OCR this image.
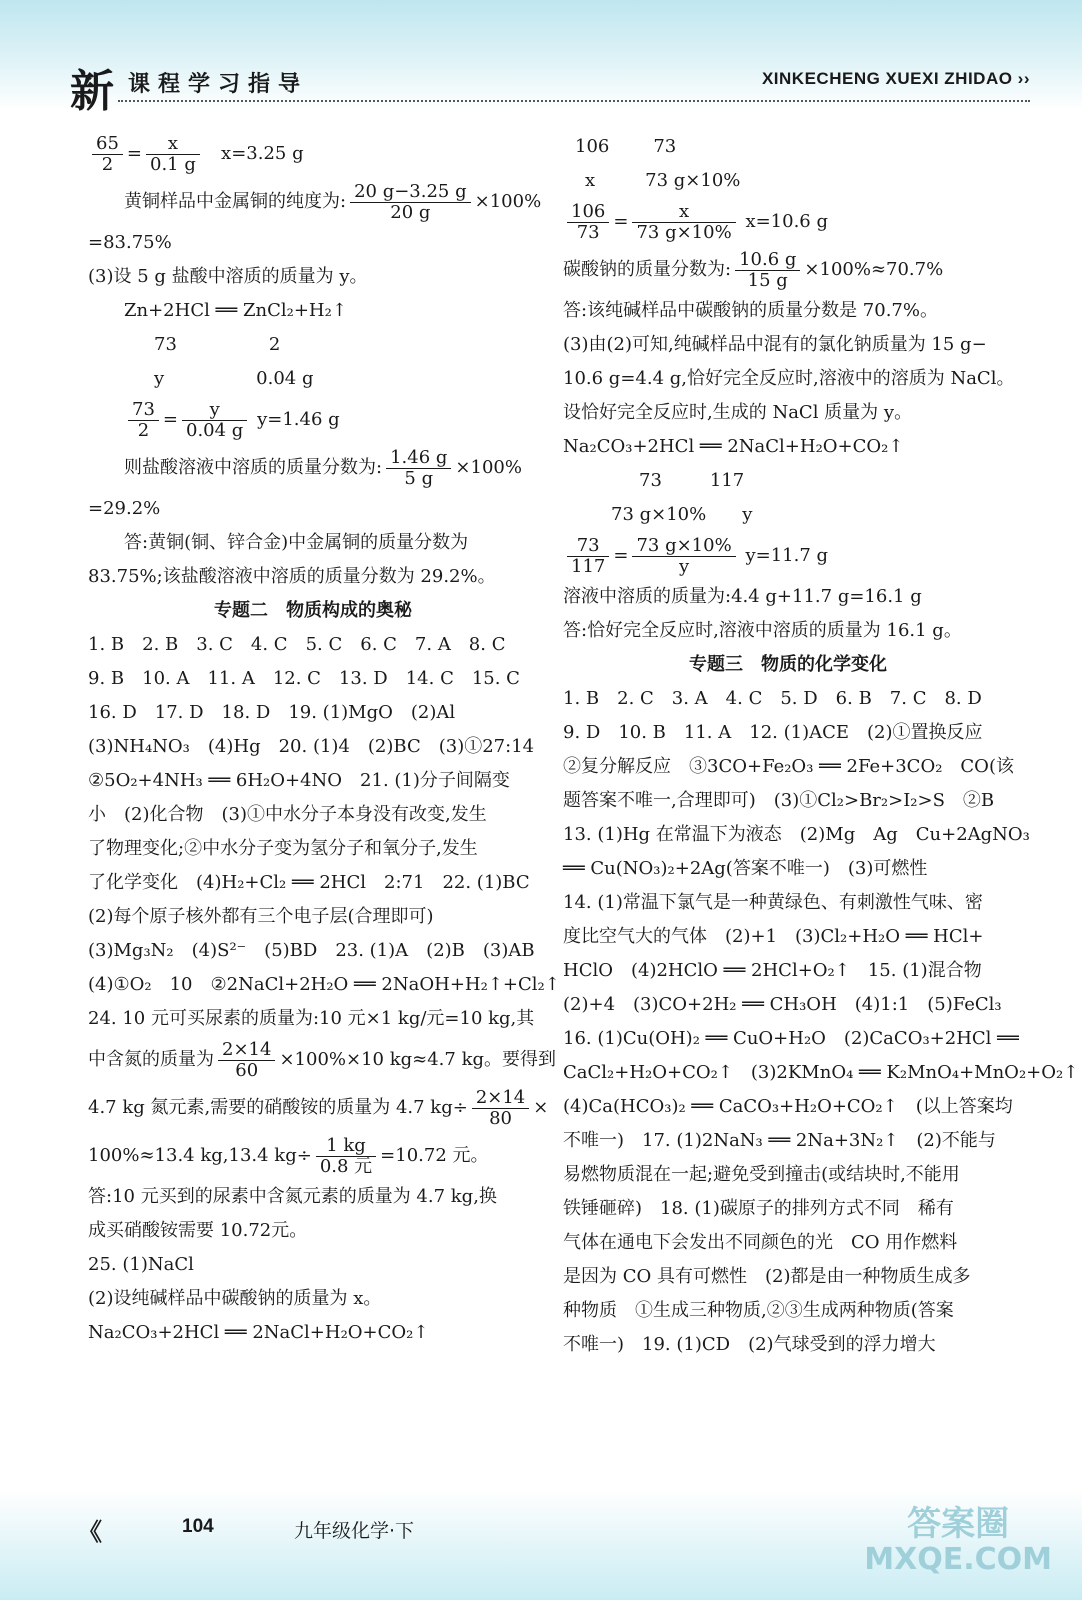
新 课程学习指导	XINKECHENG XUEXI ZHIDAO ››
$\frac{65}{2} = \frac{x}{0.1 g} x=3.25$ g
黄铜样品中金属铜的纯度为: $\frac{20 g-3.25 g}{20 g} \times 100\%$
=83.75%
(3)设 5 g 盐酸中溶质的质量为 y。
Zn+2HCl ══ ZnCl₂+H₂↑
73	2
y	0.04 g
$\frac{73}{2} = \frac{y}{0.04 g} y=1.46$ g
则盐酸溶液中溶质的质量分数为: $\frac{1.46 g}{5 g} \times 100\%$
=29.2%
答:黄铜(铜、锌合金)中金属铜的质量分数为
83.75%;该盐酸溶液中溶质的质量分数为 29.2%。
专题二　物质构成的奥秘
1. B　2. B　3. C　4. C　5. C　6. C　7. A　8. C
9. B　10. A　11. A　12. C　13. D　14. C　15. C
16. D　17. D　18. D　19. (1)MgO　(2)Al
(3)NH₄NO₃　(4)Hg　20. (1)4　(2)BC　(3)①27:14
②5O₂+4NH₃ ══ 6H₂O+4NO　21. (1)分子间隔变
小　(2)化合物　(3)①中水分子本身没有改变,发生
了物理变化;②中水分子变为氢分子和氧分子,发生
了化学变化　(4)H₂+Cl₂ ══ 2HCl　2:71　22. (1)BC
(2)每个原子核外都有三个电子层(合理即可)
(3)Mg₃N₂　(4)S²⁻　(5)BD　23. (1)A　(2)B　(3)AB
(4)①O₂　10　②2NaCl+2H₂O ══ 2NaOH+H₂↑+Cl₂↑
24. 10 元可买尿素的质量为:10 元×1 kg/元=10 kg,其
中含氮的质量为 $\frac{2\times 14}{60} \times 100\%\times 10$ kg≈4.7 kg。要得到
4.7 kg 氮元素,需要的硝酸铵的质量为 4.7 $kg\div \frac{2\times 14}{80}$ ×
100%≈13.4 kg,13.4 $kg\div \frac{1 kg}{\text{0.8 元}} =10.72$ 元。
答:10 元买到的尿素中含氮元素的质量为 4.7 kg,换
成买硝酸铵需要 10.72元。
25. (1)NaCl
(2)设纯碱样品中碳酸钠的质量为 x。
Na₂CO₃+2HCl ══ 2NaCl+H₂O+CO₂↑
106 73
x	73 g×10%
$\frac{106}{73} = \frac{x}{73 g\times 10\%} x=10.6$ g
碳酸钠的质量分数为: $\frac{10.6 g}{15 g} \times 100\%\approx 70.7\%$
答:该纯碱样品中碳酸钠的质量分数是 70.7%。
(3)由(2)可知,纯碱样品中混有的氯化钠质量为 15 g−
10.6 g=4.4 g,恰好完全反应时,溶液中的溶质为 NaCl。
设恰好完全反应时,生成的 NaCl 质量为 y。
Na₂CO₃+2HCl ══ 2NaCl+H₂O+CO₂↑
73	117
73 g×10% y
$\frac{73}{117} = \frac{73 g\times 10\%}{y} y=11.7$ g
溶液中溶质的质量为:4.4 g+11.7 g=16.1 g
答:恰好完全反应时,溶液中溶质的质量为 16.1 g。
专题三　物质的化学变化
1. B　2. C　3. A　4. C　5. D　6. B　7. C　8. D
9. D　10. B　11. A　12. (1)ACE　(2)①置换反应
②复分解反应　③3CO+Fe₂O₃ ══ 2Fe+3CO₂　CO(该
题答案不唯一,合理即可)　(3)①Cl₂>Br₂>I₂>S　②B
13. (1)Hg 在常温下为液态　(2)Mg　Ag　Cu+2AgNO₃
══ Cu(NO₃)₂+2Ag(答案不唯一)　(3)可燃性
14. (1)常温下氯气是一种黄绿色、有刺激性气味、密
度比空气大的气体　(2)+1　(3)Cl₂+H₂O ══ HCl+
HClO　(4)2HClO ══ 2HCl+O₂↑　15. (1)混合物
(2)+4　(3)CO+2H₂ ══ CH₃OH　(4)1:1　(5)FeCl₃
16. (1)Cu(OH)₂ ══ CuO+H₂O　(2)CaCO₃+2HCl ══
CaCl₂+H₂O+CO₂↑　(3)2KMnO₄ ══ K₂MnO₄+MnO₂+O₂↑
(4)Ca(HCO₃)₂ ══ CaCO₃+H₂O+CO₂↑　(以上答案均
不唯一)　17. (1)2NaN₃ ══ 2Na+3N₂↑　(2)不能与
易燃物质混在一起;避免受到撞击(或结块时,不能用
铁锤砸碎)　18. (1)碳原子的排列方式不同　稀有
气体在通电下会发出不同颜色的光　CO 用作燃料
是因为 CO 具有可燃性　(2)都是由一种物质生成多
种物质　①生成三种物质,②③生成两种物质(答案
不唯一)　19. (1)CD　(2)气球受到的浮力增大
《	104	九年级化学·下	答案圈
MXQE.COM
